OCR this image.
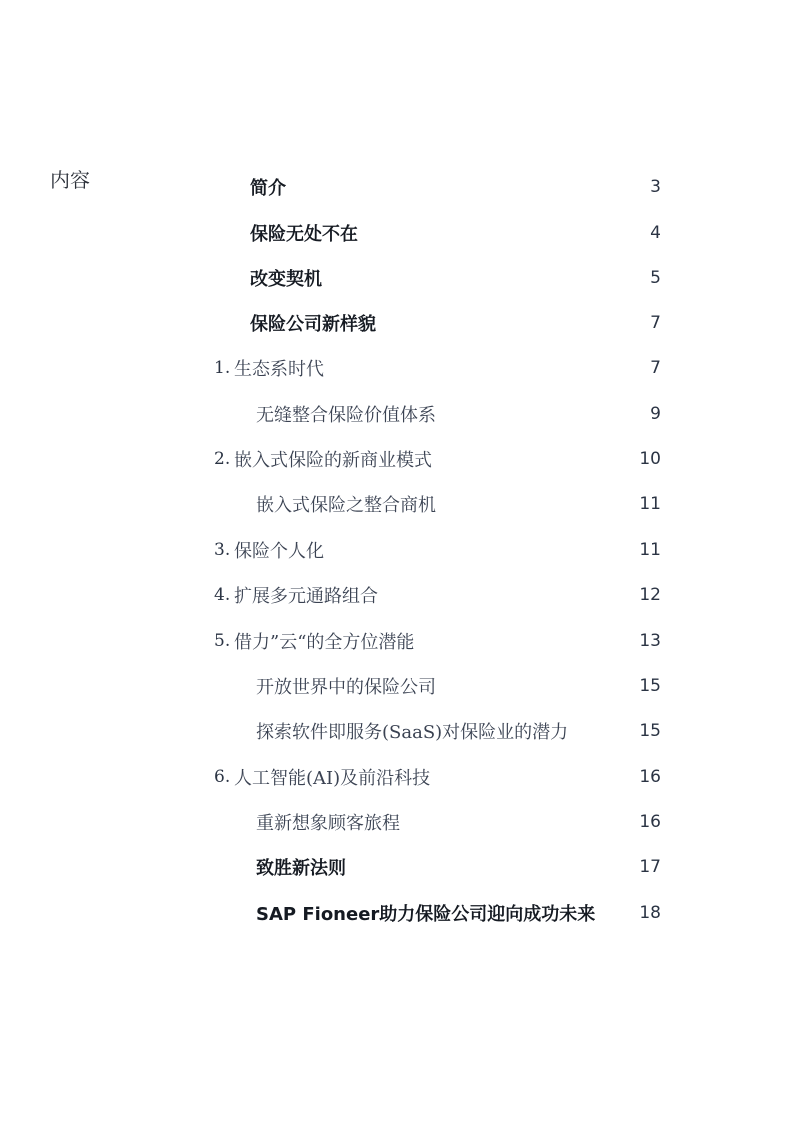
内容	简介	3
保险无处不在	4
改变契机	5
保险公司新样貌	7
1. 生态系时代	7
无缝整合保险价值体系	9
2. 嵌入式保险的新商业模式	10
嵌入式保险之整合商机	11
3. 保险个人化	11
4. 扩展多元通路组合	12
5. 借力”云“的全方位潜能	13
开放世界中的保险公司	15
探索软件即服务(SaaS)对保险业的潜力	15
6. 人工智能(AI)及前沿科技	16
重新想象顾客旅程	16
致胜新法则	17
SAP Fioneer助力保险公司迎向成功未来	18
